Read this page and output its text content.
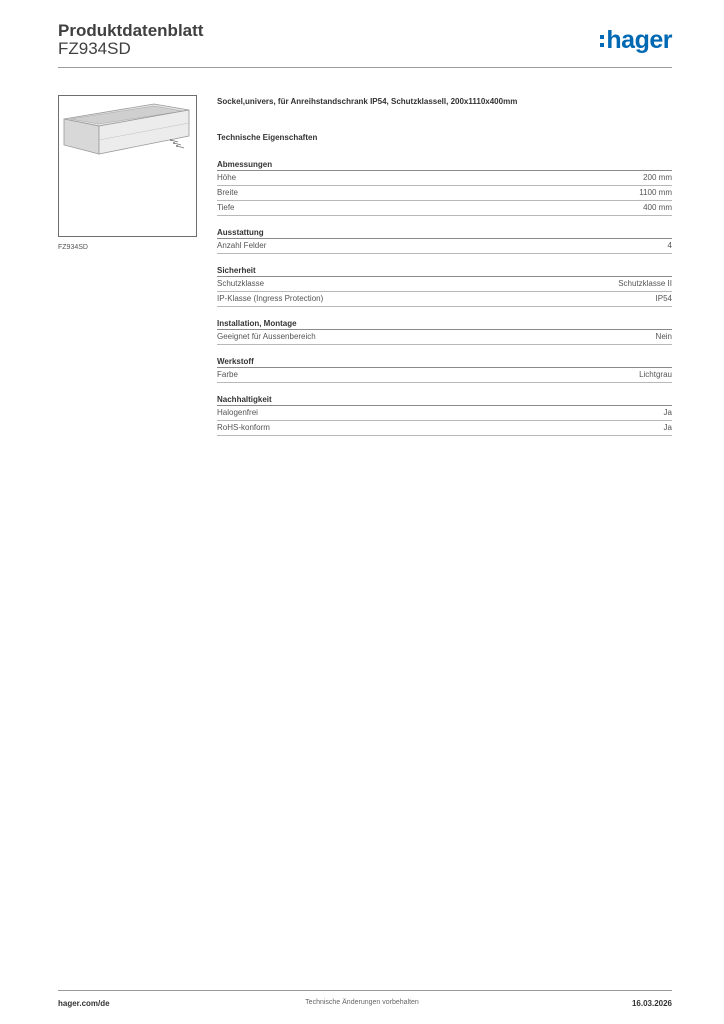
Produktdatenblatt
FZ934SD	hager
FZ934SD
Sockel,univers, für Anreihstandschrank IP54, Schutzklassell, 200x1110x400mm
Technische Eigenschaften
Abmessungen
Höhe	200 mm
Breite	1100 mm
Tiefe	400 mm
Ausstattung
Anzahl Felder	4
Sicherheit
Schutzklasse	Schutzklasse II
IP-Klasse (Ingress Protection)	IP54
Installation, Montage
Geeignet für Aussenbereich	Nein
Werkstoff
Farbe	Lichtgrau
Nachhaltigkeit
Halogenfrei	Ja
RoHS-konform	Ja
hager.com/de	Technische Änderungen vorbehalten	16.03.2026
